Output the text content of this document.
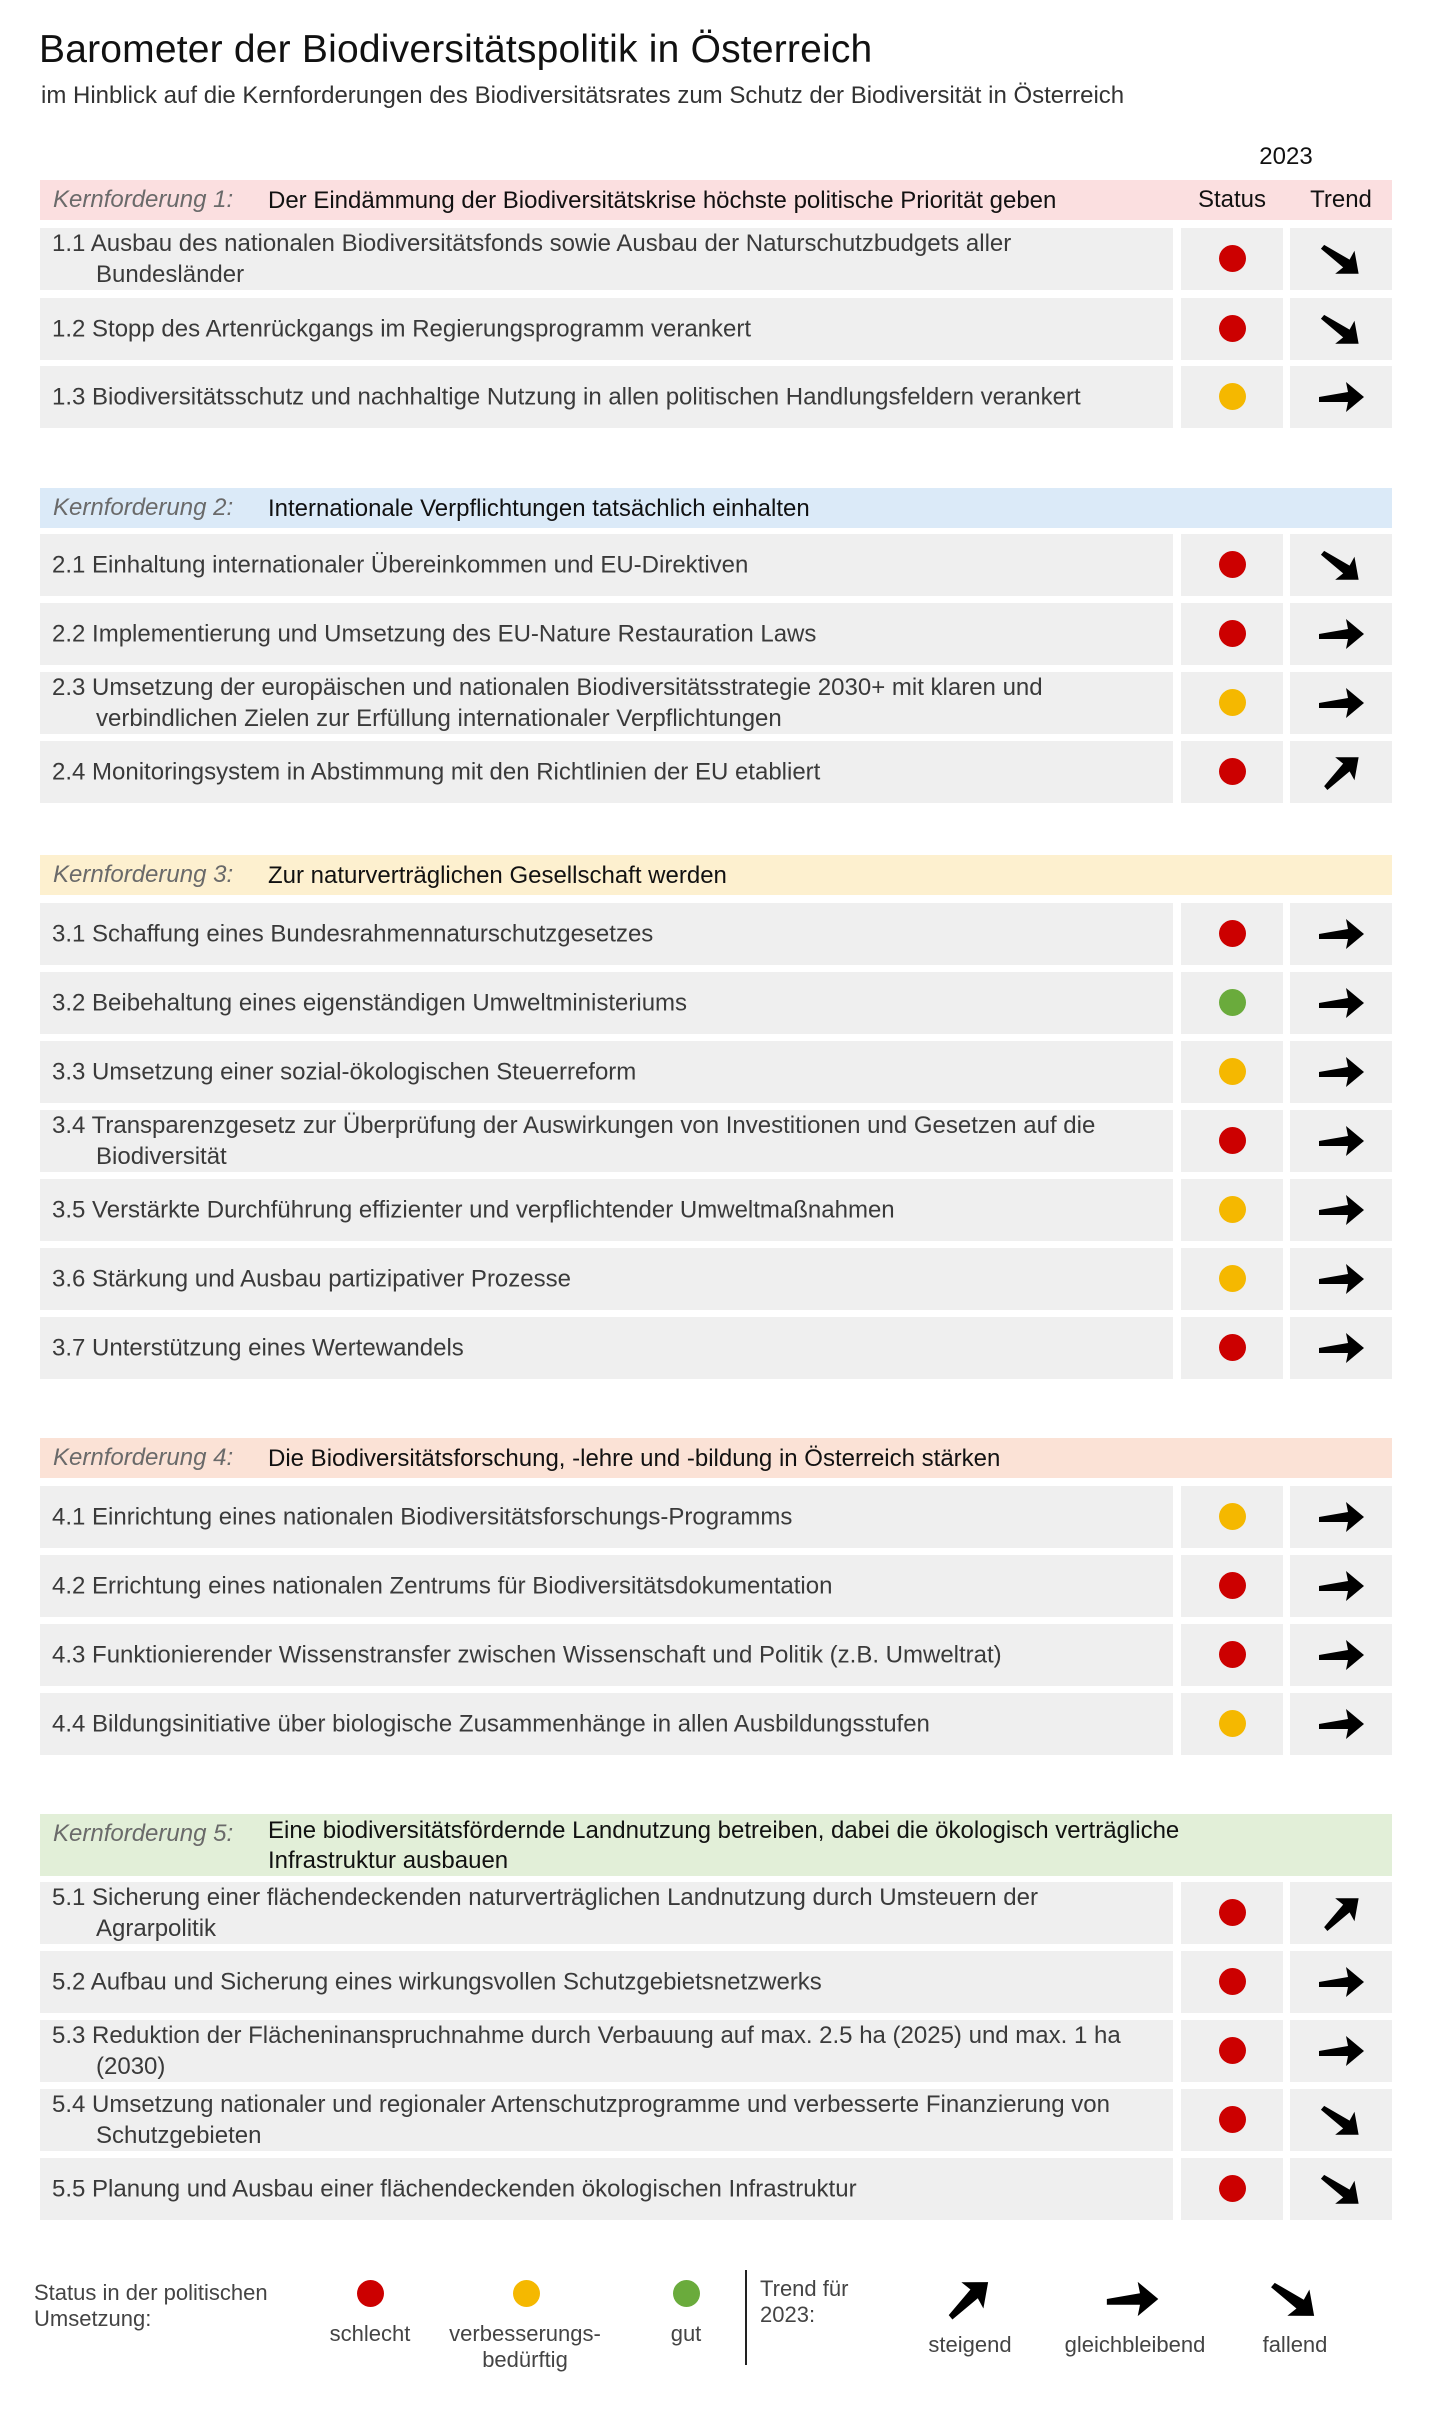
Barometer der Biodiversitätspolitik in Österreich
im Hinblick auf die Kernforderungen des Biodiversitätsrates zum Schutz der Biodiversität in Österreich
2023
Kernforderung 1: Der Eindämmung der Biodiversitätskrise höchste politische Priorität geben	Status	Trend
1.1 Ausbau des nationalen Biodiversitätsfonds sowie Ausbau der Naturschutzbudgets aller Bundesländer
1.2 Stopp des Artenrückgangs im Regierungsprogramm verankert
1.3 Biodiversitätsschutz und nachhaltige Nutzung in allen politischen Handlungsfeldern verankert
Kernforderung 2: Internationale Verpflichtungen tatsächlich einhalten
2.1 Einhaltung internationaler Übereinkommen und EU-Direktiven
2.2 Implementierung und Umsetzung des EU-Nature Restauration Laws
2.3 Umsetzung der europäischen und nationalen Biodiversitätsstrategie 2030+ mit klaren und verbindlichen Zielen zur Erfüllung internationaler Verpflichtungen
2.4 Monitoringsystem in Abstimmung mit den Richtlinien der EU etabliert
Kernforderung 3: Zur naturverträglichen Gesellschaft werden
3.1 Schaffung eines Bundesrahmennaturschutzgesetzes
3.2 Beibehaltung eines eigenständigen Umweltministeriums
3.3 Umsetzung einer sozial-ökologischen Steuerreform
3.4 Transparenzgesetz zur Überprüfung der Auswirkungen von Investitionen und Gesetzen auf die Biodiversität
3.5 Verstärkte Durchführung effizienter und verpflichtender Umweltmaßnahmen
3.6 Stärkung und Ausbau partizipativer Prozesse
3.7 Unterstützung eines Wertewandels
Kernforderung 4: Die Biodiversitätsforschung, -lehre und -bildung in Österreich stärken
4.1 Einrichtung eines nationalen Biodiversitätsforschungs-Programms
4.2 Errichtung eines nationalen Zentrums für Biodiversitätsdokumentation
4.3 Funktionierender Wissenstransfer zwischen Wissenschaft und Politik (z.B. Umweltrat)
4.4 Bildungsinitiative über biologische Zusammenhänge in allen Ausbildungsstufen
Kernforderung 5: Eine biodiversitätsfördernde Landnutzung betreiben, dabei die ökologisch verträgliche Infrastruktur ausbauen
5.1 Sicherung einer flächendeckenden naturverträglichen Landnutzung durch Umsteuern der Agrarpolitik
5.2 Aufbau und Sicherung eines wirkungsvollen Schutzgebietsnetzwerks
5.3 Reduktion der Flächeninanspruchnahme durch Verbauung auf max. 2.5 ha (2025) und max. 1 ha (2030)
5.4 Umsetzung nationaler und regionaler Artenschutzprogramme und verbesserte Finanzierung von Schutzgebieten
5.5 Planung und Ausbau einer flächendeckenden ökologischen Infrastruktur
Status in der politischen Umsetzung:
schlecht	verbesserungs-
bedürftig
gut
Trend für 2023:
steigend	gleichbleibend	fallend
